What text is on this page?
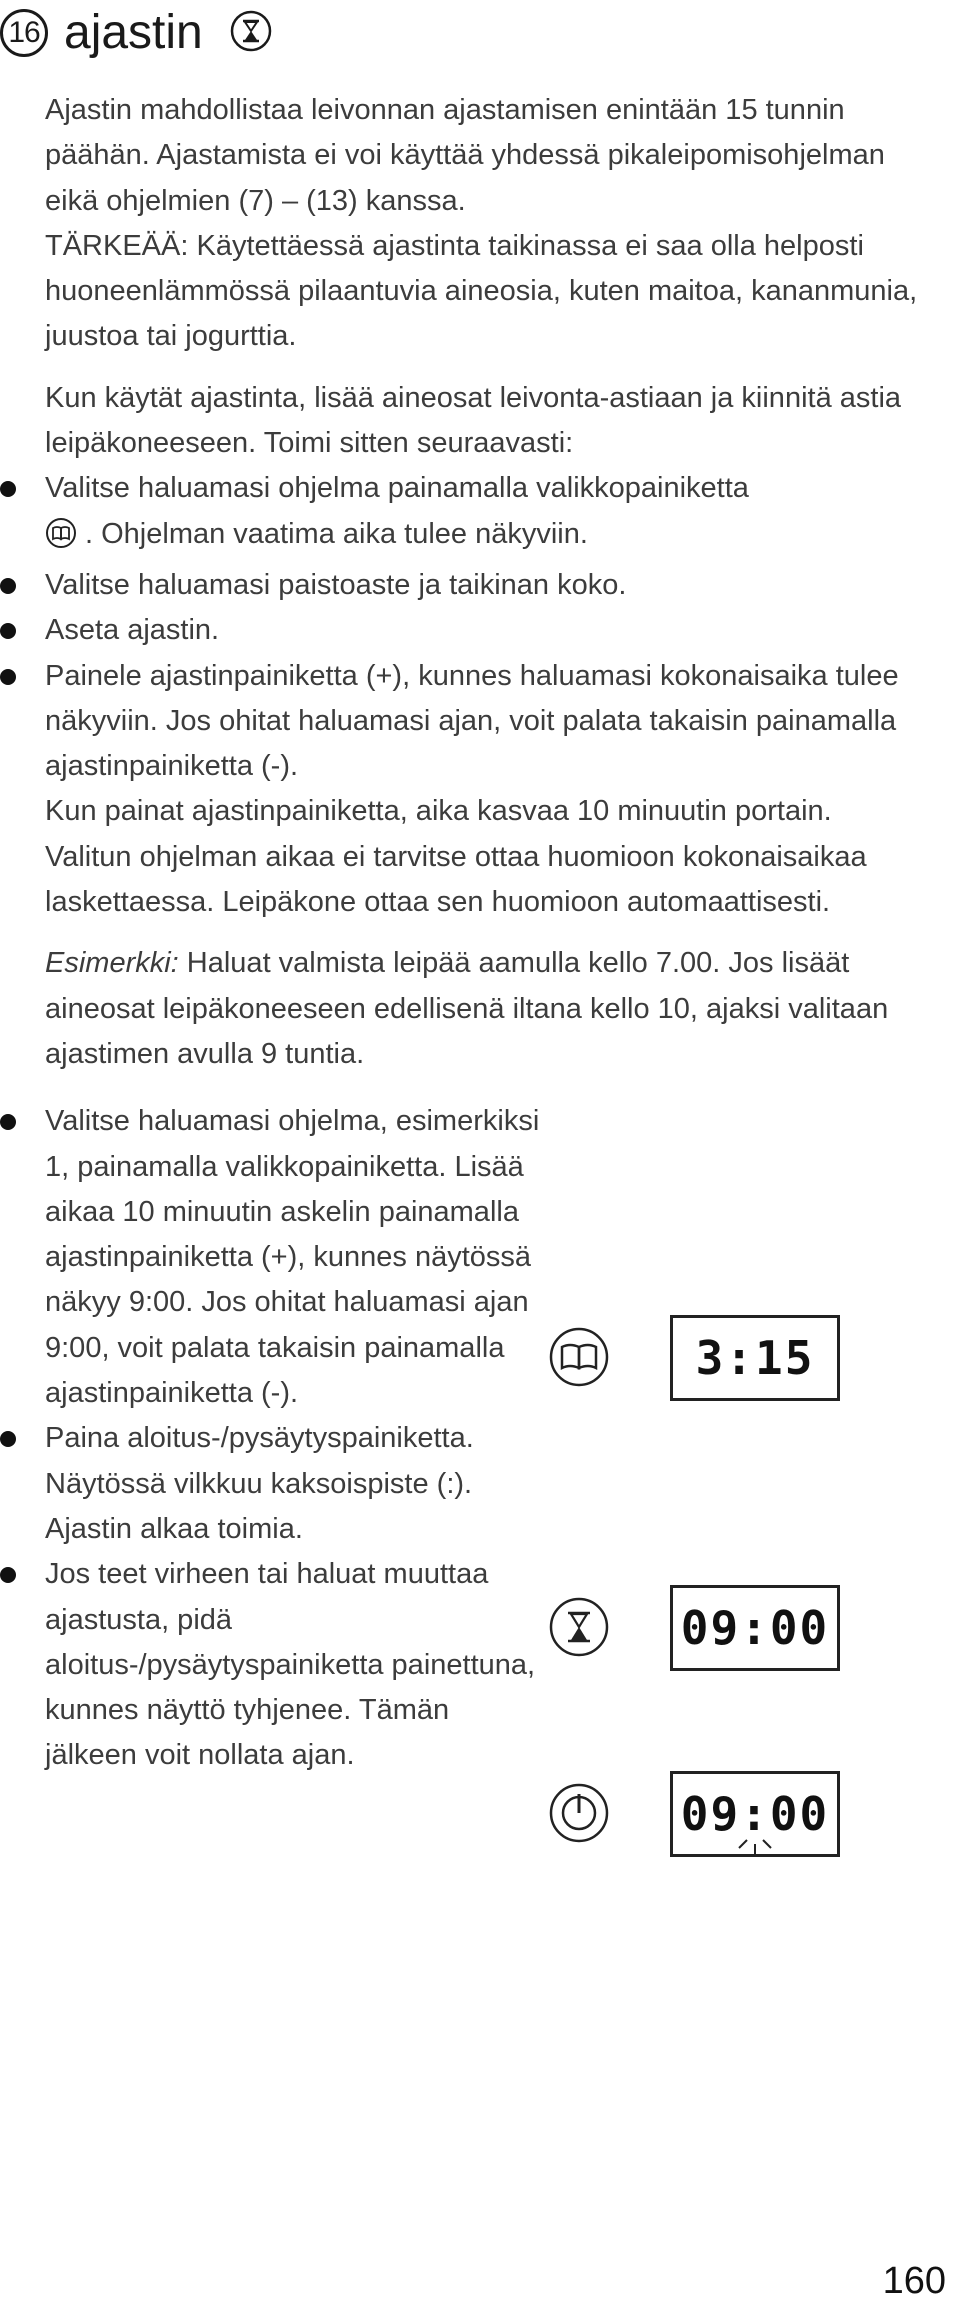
16 ajastin

Ajastin mahdollistaa leivonnan ajastamisen enintään 15 tunnin päähän. Ajastamista ei voi käyttää yhdessä pikaleipomisohjelman eikä ohjelmien (7) – (13) kanssa.

TÄRKEÄÄ: Käytettäessä ajastinta taikinassa ei saa olla helposti huoneenlämmössä pilaantuvia aineosia, kuten maitoa, kananmunia, juustoa tai jogurttia.

Kun käytät ajastinta, lisää aineosat leivonta-astiaan ja kiinnitä astia leipäkoneeseen. Toimi sitten seuraavasti:

Valitse haluamasi ohjelma painamalla valikkopainiketta
. Ohjelman vaatima aika tulee näkyviin.

Valitse haluamasi paistoaste ja taikinan koko.

Aseta ajastin.

Painele ajastinpainiketta (+), kunnes haluamasi kokonaisaika tulee näkyviin. Jos ohitat haluamasi ajan, voit palata takaisin painamalla ajastinpainiketta (-).

Kun painat ajastinpainiketta, aika kasvaa 10 minuutin portain. Valitun ohjelman aikaa ei tarvitse ottaa huomioon kokonaisaikaa laskettaessa. Leipäkone ottaa sen huomioon automaattisesti.

Esimerkki: Haluat valmista leipää aamulla kello 7.00. Jos lisäät aineosat leipäkoneeseen edellisenä iltana kello 10, ajaksi valitaan ajastimen avulla 9 tuntia.

Valitse haluamasi ohjelma, esimerkiksi 1, painamalla valikkopainiketta. Lisää aikaa 10 minuutin askelin painamalla ajastinpainiketta (+), kunnes näytössä näkyy 9:00. Jos ohitat haluamasi ajan 9:00, voit palata takaisin painamalla ajastinpainiketta (-).

Paina aloitus-/pysäytyspainiketta. Näytössä vilkkuu kaksoispiste (:). Ajastin alkaa toimia.

Jos teet virheen tai haluat muuttaa ajastusta, pidä aloitus-/pysäytyspainiketta painettuna, kunnes näyttö tyhjenee. Tämän jälkeen voit nollata ajan.

3:15
09:00
09:00
160
